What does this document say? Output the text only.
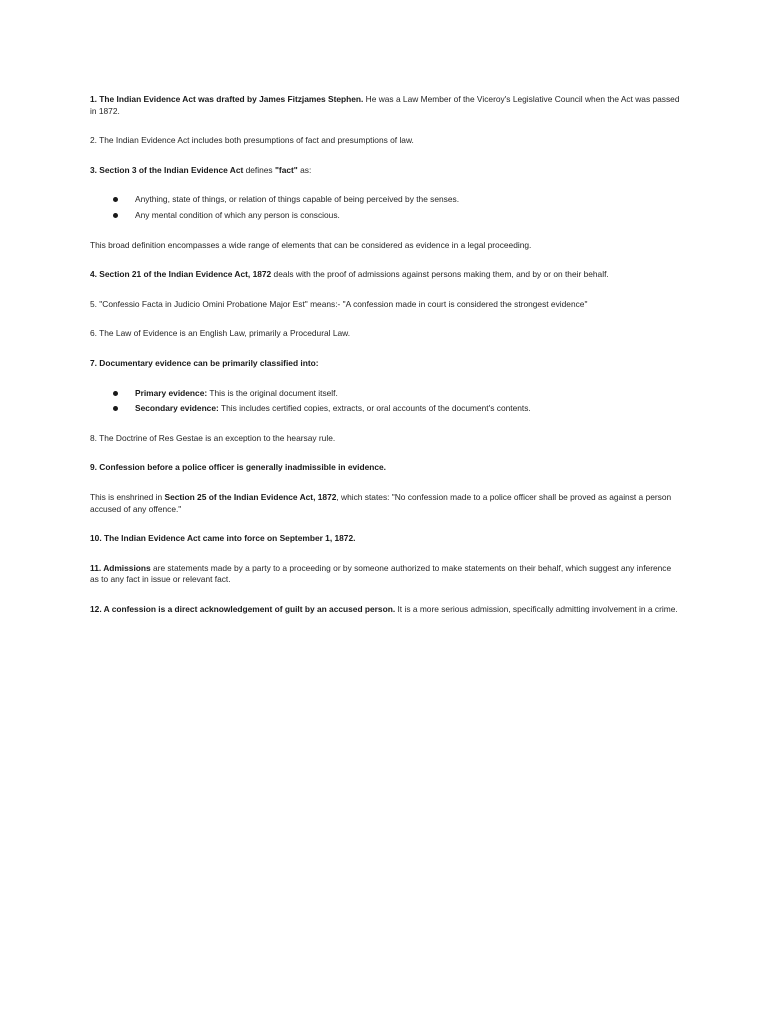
1. The Indian Evidence Act was drafted by James Fitzjames Stephen. He was a Law Member of the Viceroy's Legislative Council when the Act was passed in 1872.

2. The Indian Evidence Act includes both presumptions of fact and presumptions of law.

3. Section 3 of the Indian Evidence Act defines "fact" as:

Anything, state of things, or relation of things capable of being perceived by the senses.
Any mental condition of which any person is conscious.

This broad definition encompasses a wide range of elements that can be considered as evidence in a legal proceeding.

4. Section 21 of the Indian Evidence Act, 1872 deals with the proof of admissions against persons making them, and by or on their behalf.

5. "Confessio Facta in Judicio Omini Probatione Major Est" means:- "A confession made in court is considered the strongest evidence"

6. The Law of Evidence is an English Law, primarily a Procedural Law.

7. Documentary evidence can be primarily classified into:

Primary evidence: This is the original document itself.
Secondary evidence: This includes certified copies, extracts, or oral accounts of the document's contents.

8. The Doctrine of Res Gestae is an exception to the hearsay rule.

9. Confession before a police officer is generally inadmissible in evidence.

This is enshrined in Section 25 of the Indian Evidence Act, 1872, which states: "No confession made to a police officer shall be proved as against a person accused of any offence."

10. The Indian Evidence Act came into force on September 1, 1872.

11. Admissions are statements made by a party to a proceeding or by someone authorized to make statements on their behalf, which suggest any inference as to any fact in issue or relevant fact.

12. A confession is a direct acknowledgement of guilt by an accused person. It is a more serious admission, specifically admitting involvement in a crime.
